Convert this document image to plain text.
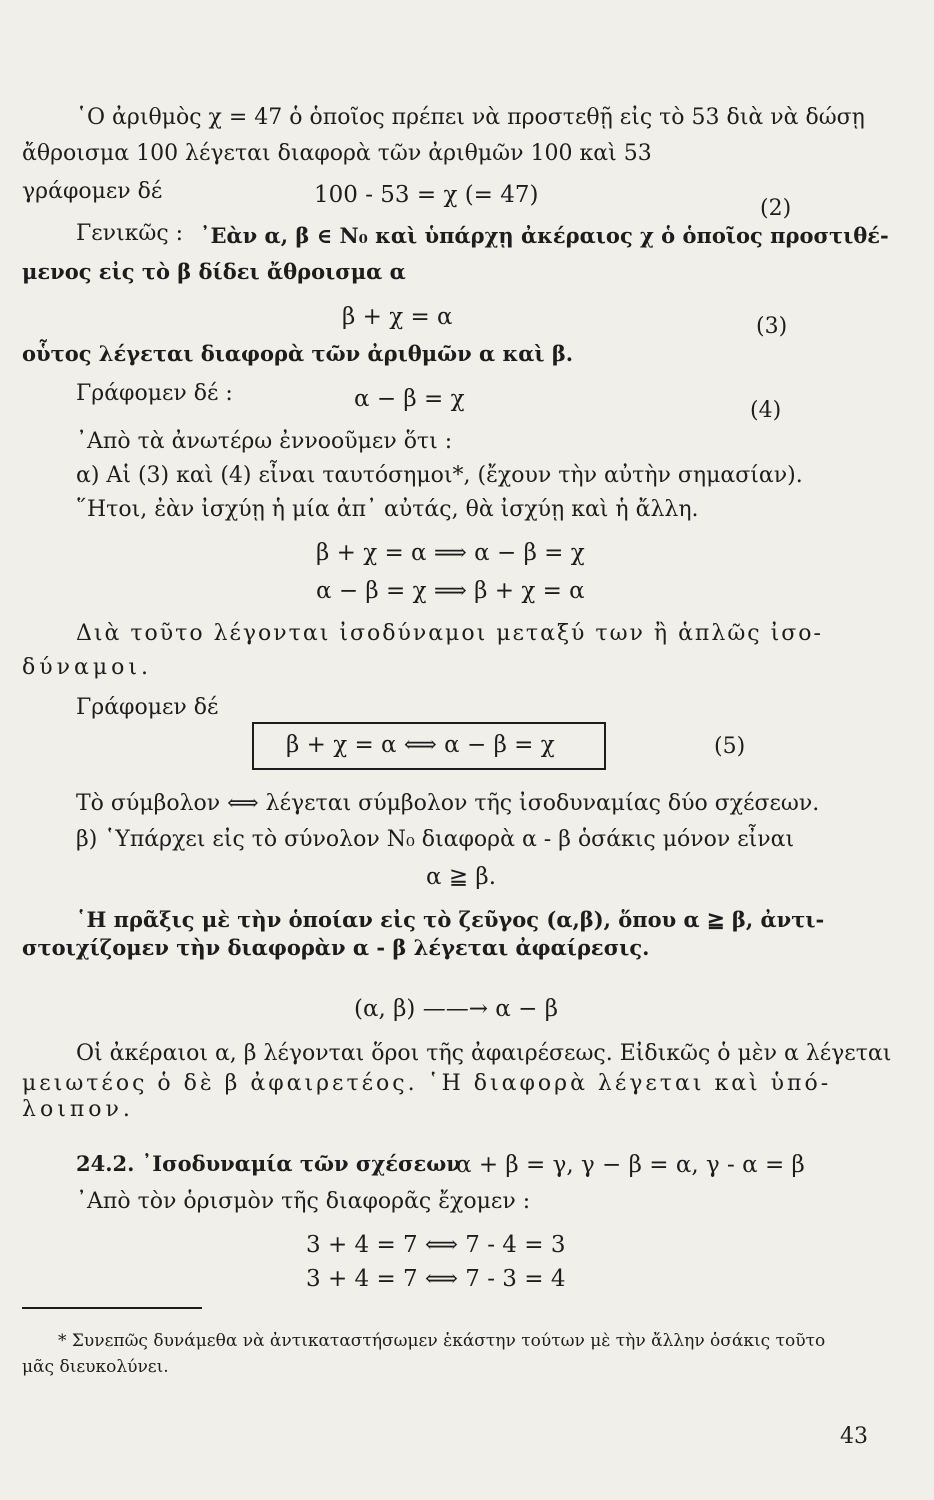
῾Ο ἀριθμὸς χ = 47 ὁ ὁποῖος πρέπει νὰ προστεθῇ εἰς τὸ 53 διὰ νὰ δώσῃ
ἄθροισμα 100 λέγεται διαφορὰ τῶν ἀριθμῶν 100 καὶ 53
γράφομεν δέ	100 - 53 = χ (= 47)
(2)
Γενικῶς : ᾿Εὰν α, β ∈ N₀ καὶ ὑπάρχῃ ἀκέραιος χ ὁ ὁποῖος προστιθέ-
μενος εἰς τὸ β δίδει ἄθροισμα α
β + χ = α	(3)
οὗτος λέγεται διαφορὰ τῶν ἀριθμῶν α καὶ β.
Γράφομεν δέ :	α − β = χ	(4)
᾿Απὸ τὰ ἀνωτέρω ἐννοοῦμεν ὅτι :
α) Αἱ (3) καὶ (4) εἶναι ταυτόσημοι*, (ἔχουν τὴν αὐτὴν σημασίαν).
῞Ητοι, ἐὰν ἰσχύῃ ἡ μία ἀπ᾿ αὐτάς, θὰ ἰσχύῃ καὶ ἡ ἄλλη.
β + χ = α ⟹ α − β = χ
α − β = χ ⟹ β + χ = α
Διὰ τοῦτο λέγονται ἰσοδύναμοι μεταξύ των ἢ ἁπλῶς ἰσο-
δύναμοι.
Γράφομεν δέ
β + χ = α ⟺ α − β = χ	(5)
Τὸ σύμβολον ⟺ λέγεται σύμβολον τῆς ἰσοδυναμίας δύο σχέσεων.
β) ῾Υπάρχει εἰς τὸ σύνολον N₀ διαφορὰ α - β ὁσάκις μόνον εἶναι
α ≧ β.
῾Η πρᾶξις μὲ τὴν ὁποίαν εἰς τὸ ζεῦγος (α,β), ὅπου α ≧ β, ἀντι-
στοιχίζομεν τὴν διαφορὰν α - β λέγεται ἀφαίρεσις.
(α, β) ——→ α − β
Οἱ ἀκέραιοι α, β λέγονται ὅροι τῆς ἀφαιρέσεως. Εἰδικῶς ὁ μὲν α λέγεται
μειωτέος ὁ δὲ β ἀφαιρετέος. ῾Η διαφορὰ λέγεται καὶ ὑπό-
λοιπον.
24.2. ᾿Ισοδυναμία τῶν σχέσεων
α + β = γ, γ − β = α, γ - α = β
᾿Απὸ τὸν ὁρισμὸν τῆς διαφορᾶς ἔχομεν :
3 + 4 = 7 ⟺ 7 - 4 = 3
3 + 4 = 7 ⟺ 7 - 3 = 4
* Συνεπῶς δυνάμεθα νὰ ἀντικαταστήσωμεν ἑκάστην τούτων μὲ τὴν ἄλλην ὁσάκις τοῦτο
μᾶς διευκολύνει.
43
